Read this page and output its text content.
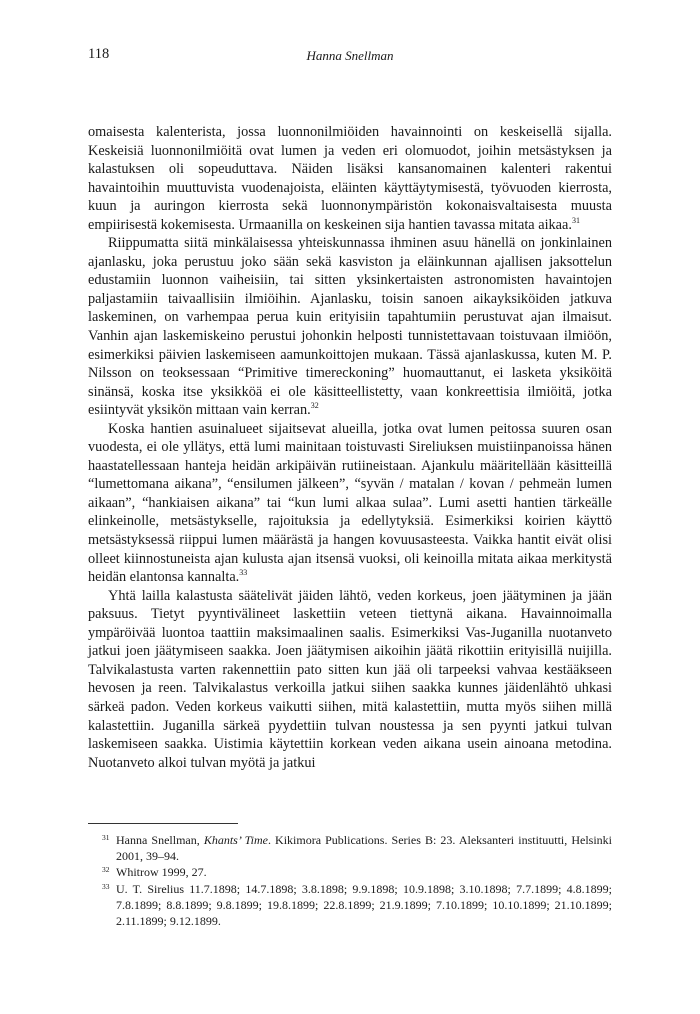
118	Hanna Snellman

omaisesta kalenterista, jossa luonnonilmiöiden havainnointi on keskeisellä sijalla. Keskeisiä luonnonilmiöitä ovat lumen ja veden eri olomuodot, joihin metsästyksen ja kalastuksen oli sopeuduttava. Näiden lisäksi kansanomainen kalenteri rakentui havaintoihin muuttuvista vuodenajoista, eläinten käyttäytymisestä, työvuoden kierrosta, kuun ja auringon kierrosta sekä luonnonympäristön kokonaisvaltaisesta muusta empiirisestä kokemisesta. Urmaanilla on keskeinen sija hantien tavassa mitata aikaa.$^{31}$

Riippumatta siitä minkälaisessa yhteiskunnassa ihminen asuu hänellä on jonkinlainen ajanlasku, joka perustuu joko sään sekä kasviston ja eläinkunnan ajallisen jaksottelun edustamiin luonnon vaiheisiin, tai sitten yksinkertaisten astronomisten havaintojen paljastamiin taivaallisiin ilmiöihin. Ajanlasku, toisin sanoen aikayksiköiden jatkuva laskeminen, on varhempaa perua kuin erityisiin tapahtumiin perustuvat ajan ilmaisut. Vanhin ajan laskemiskeino perustui johonkin helposti tunnistettavaan toistuvaan ilmiöön, esimerkiksi päivien laskemiseen aamunkoittojen mukaan. Tässä ajanlaskussa, kuten M. P. Nilsson on teoksessaan “Primitive timereckoning” huomauttanut, ei lasketa yksiköitä sinänsä, koska itse yksikköä ei ole käsitteellistetty, vaan konkreettisia ilmiöitä, jotka esiintyvät yksikön mittaan vain kerran.$^{32}$

Koska hantien asuinalueet sijaitsevat alueilla, jotka ovat lumen peitossa suuren osan vuodesta, ei ole yllätys, että lumi mainitaan toistuvasti Sireliuksen muistiinpanoissa hänen haastatellessaan hanteja heidän arkipäivän rutiineistaan. Ajankulu määritellään käsitteillä “lumettomana aikana”, “ensilumen jälkeen”, “syvän / matalan / kovan / pehmeän lumen aikaan”, “hankiaisen aikana” tai “kun lumi alkaa sulaa”. Lumi asetti hantien tärkeälle elinkeinolle, metsästykselle, rajoituksia ja edellytyksiä. Esimerkiksi koirien käyttö metsästyksessä riippui lumen määrästä ja hangen kovuusasteesta. Vaikka hantit eivät olisi olleet kiinnostuneista ajan kulusta ajan itsensä vuoksi, oli keinoilla mitata aikaa merkitystä heidän elantonsa kannalta.$^{33}$

Yhtä lailla kalastusta säätelivät jäiden lähtö, veden korkeus, joen jäätyminen ja jään paksuus. Tietyt pyyntivälineet laskettiin veteen tiettynä aikana. Havainnoimalla ympäröivää luontoa taattiin maksimaalinen saalis. Esimerkiksi Vas-Juganilla nuotanveto jatkui joen jäätymiseen saakka. Joen jäätymisen aikoihin jäätä rikottiin erityisillä nuijilla. Talvikalastusta varten rakennettiin pato sitten kun jää oli tarpeeksi vahvaa kestääkseen hevosen ja reen. Talvikalastus verkoilla jatkui siihen saakka kunnes jäidenlähtö uhkasi särkeä padon. Veden korkeus vaikutti siihen, mitä kalastettiin, mutta myös siihen millä kalastettiin. Juganilla särkeä pyydettiin tulvan noustessa ja sen pyynti jatkui tulvan laskemiseen saakka. Uistimia käytettiin korkean veden aikana usein ainoana metodina. Nuotanveto alkoi tulvan myötä ja jatkui

31 Hanna Snellman, Khants’ Time. Kikimora Publications. Series B: 23. Aleksanteri instituutti, Helsinki 2001, 39–94.
32 Whitrow 1999, 27.
33 U. T. Sirelius 11.7.1898; 14.7.1898; 3.8.1898; 9.9.1898; 10.9.1898; 3.10.1898; 7.7.1899; 4.8.1899; 7.8.1899; 8.8.1899; 9.8.1899; 19.8.1899; 22.8.1899; 21.9.1899; 7.10.1899; 10.10.1899; 21.10.1899; 2.11.1899; 9.12.1899.
